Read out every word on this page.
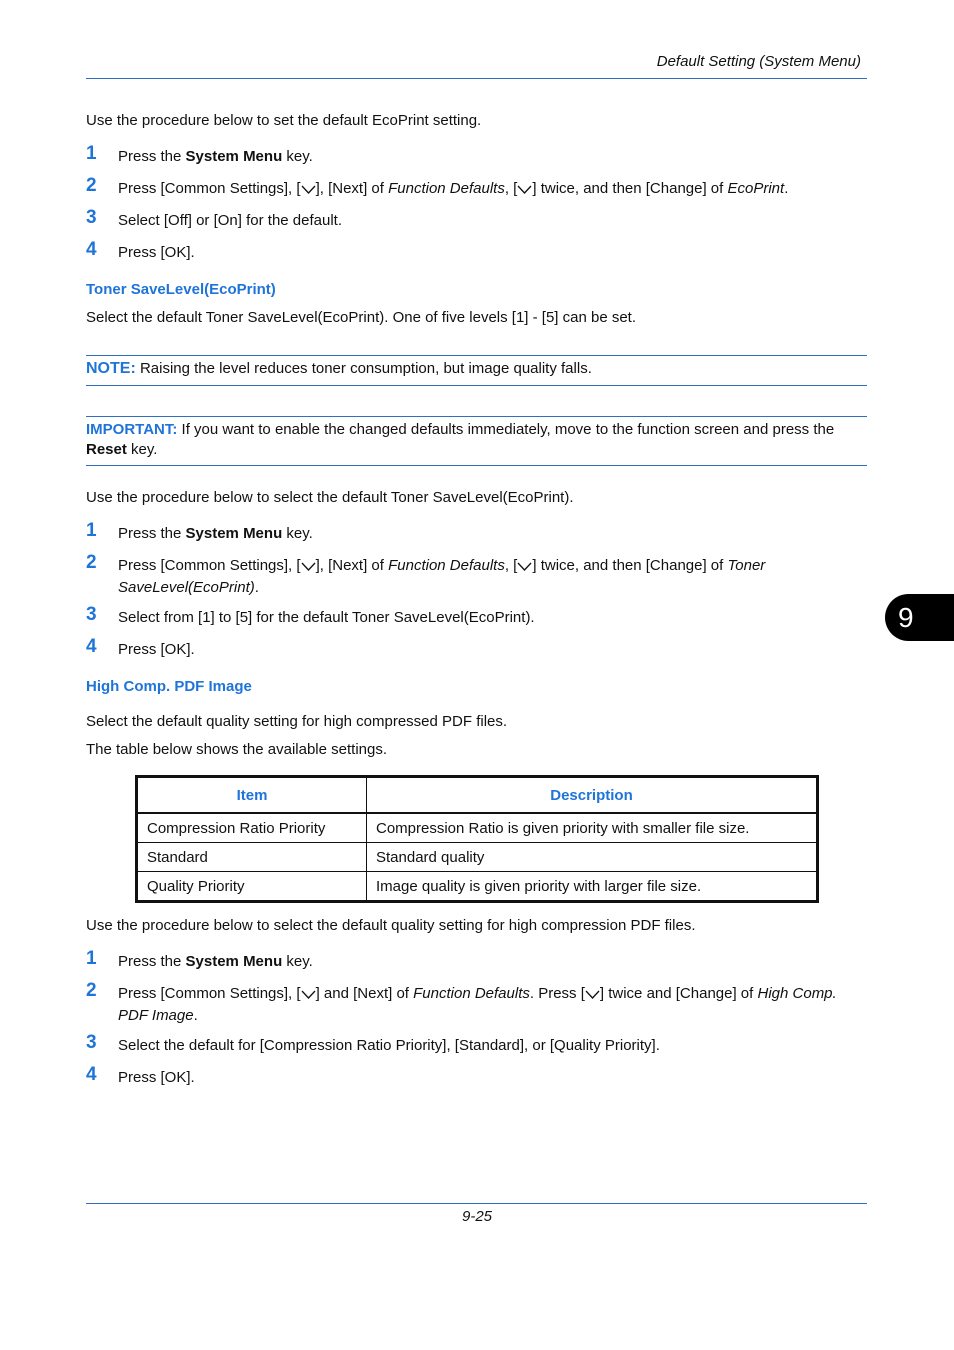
Default Setting (System Menu)
Use the procedure below to set the default EcoPrint setting.
1 Press the System Menu key.
2 Press [Common Settings], [ ], [Next] of Function Defaults, [ ] twice, and then [Change] of EcoPrint.
3 Select [Off] or [On] for the default.
4 Press [OK].
Toner SaveLevel(EcoPrint)
Select the default Toner SaveLevel(EcoPrint). One of five levels [1] - [5] can be set.
NOTE: Raising the level reduces toner consumption, but image quality falls.
IMPORTANT: If you want to enable the changed defaults immediately, move to the function screen and press the Reset key.
Use the procedure below to select the default Toner SaveLevel(EcoPrint).
1 Press the System Menu key.
2 Press [Common Settings], [ ], [Next] of Function Defaults, [ ] twice, and then [Change] of Toner SaveLevel(EcoPrint).
3 Select from [1] to [5] for the default Toner SaveLevel(EcoPrint).
4 Press [OK].
High Comp. PDF Image
Select the default quality setting for high compressed PDF files.
The table below shows the available settings.
Item	Description
Compression Ratio Priority	Compression Ratio is given priority with smaller file size.
Standard	Standard quality
Quality Priority	Image quality is given priority with larger file size.
Use the procedure below to select the default quality setting for high compression PDF files.
1 Press the System Menu key.
2 Press [Common Settings], [ ] and [Next] of Function Defaults. Press [ ] twice and [Change] of High Comp. PDF Image.
3 Select the default for [Compression Ratio Priority], [Standard], or [Quality Priority].
4 Press [OK].
9
9-25
